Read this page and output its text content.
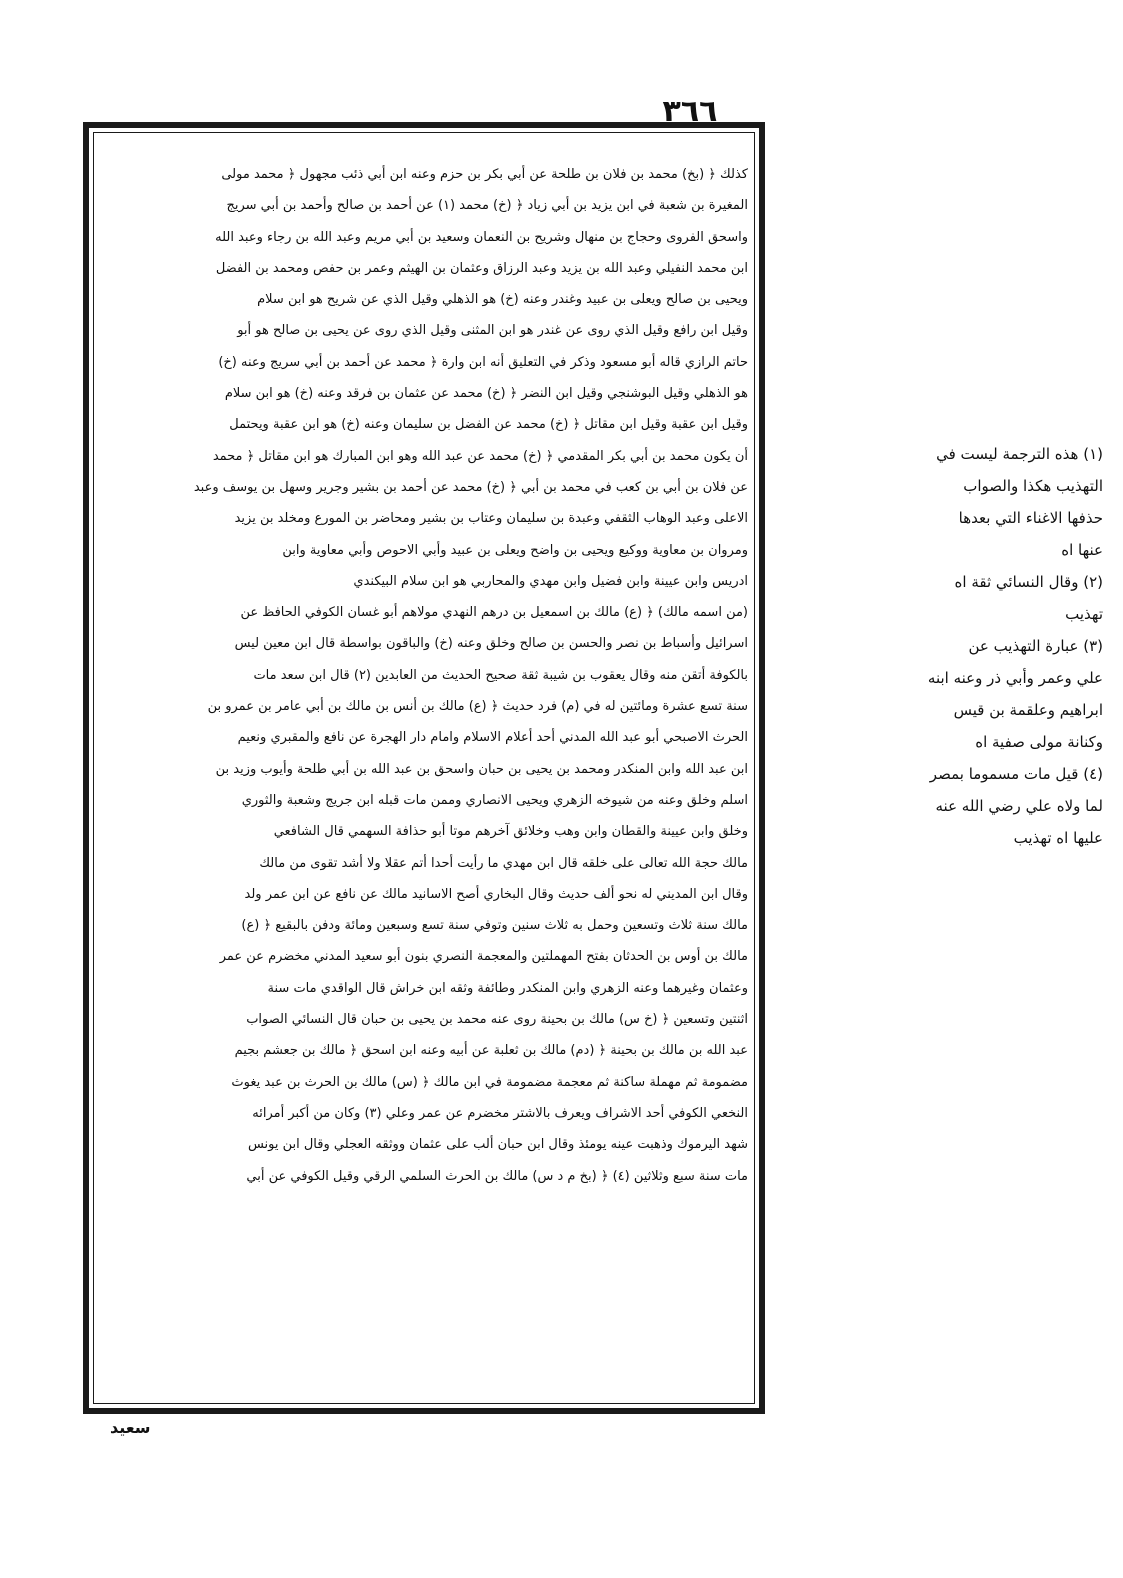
٣٦٦
كذلك ﴿ (بخ) محمد بن فلان بن طلحة عن أبي بكر بن حزم وعنه ابن أبي ذئب مجهول ﴿ محمد مولى
المغيرة بن شعبة في ابن يزيد بن أبي زياد ﴿ (خ) محمد (١) عن أحمد بن صالح وأحمد بن أبي سريج
واسحق الفروى وحجاج بن منهال وشريح بن النعمان وسعيد بن أبي مريم وعبد الله بن رجاء وعبد الله
ابن محمد النفيلي وعبد الله بن يزيد وعبد الرزاق وعثمان بن الهيثم وعمر بن حفص ومحمد بن الفضل
ويحيى بن صالح ويعلى بن عبيد وغندر وعنه (خ) هو الذهلي وقيل الذي عن شريح هو ابن سلام
وقيل ابن رافع وقيل الذي روى عن غندر هو ابن المثنى وقيل الذي روى عن يحيى بن صالح هو أبو
حاتم الرازي قاله أبو مسعود وذكر في التعليق أنه ابن وارة ﴿ محمد عن أحمد بن أبي سريج وعنه (خ)
هو الذهلي وقيل البوشنجي وقيل ابن النضر ﴿ (خ) محمد عن عثمان بن فرقد وعنه (خ) هو ابن سلام
وقيل ابن عقبة وقيل ابن مقاتل ﴿ (خ) محمد عن الفضل بن سليمان وعنه (خ) هو ابن عقبة ويحتمل
أن يكون محمد بن أبي بكر المقدمي ﴿ (خ) محمد عن عبد الله وهو ابن المبارك هو ابن مقاتل ﴿ محمد
عن فلان بن أبي بن كعب في محمد بن أبي ﴿ (خ) محمد عن أحمد بن بشير وجرير وسهل بن يوسف وعبد
الاعلى وعبد الوهاب الثقفي وعبدة بن سليمان وعتاب بن بشير ومحاضر بن المورع ومخلد بن يزيد
ومروان بن معاوية ووكيع ويحيى بن واضح ويعلى بن عبيد وأبي الاحوص وأبي معاوية وابن
ادريس وابن عيينة وابن فضيل وابن مهدي والمحاربي هو ابن سلام البيكندي
(من اسمه مالك) ﴿ (ع) مالك بن اسمعيل بن درهم النهدي مولاهم أبو غسان الكوفي الحافظ عن
اسرائيل وأسباط بن نصر والحسن بن صالح وخلق وعنه (خ) والباقون بواسطة قال ابن معين ليس
بالكوفة أتقن منه وقال يعقوب بن شيبة ثقة صحيح الحديث من العابدين (٢) قال ابن سعد مات
سنة تسع عشرة ومائتين له في (م) فرد حديث ﴿ (ع) مالك بن أنس بن مالك بن أبي عامر بن عمرو بن
الحرث الاصبحي أبو عبد الله المدني أحد أعلام الاسلام وامام دار الهجرة عن نافع والمقبري ونعيم
ابن عبد الله وابن المنكدر ومحمد بن يحيى بن حبان واسحق بن عبد الله بن أبي طلحة وأيوب وزيد بن
اسلم وخلق وعنه من شيوخه الزهري ويحيى الانصاري وممن مات قبله ابن جريج وشعبة والثوري
وخلق وابن عيينة والقطان وابن وهب وخلائق آخرهم موتا أبو حذافة السهمي قال الشافعي
مالك حجة الله تعالى على خلقه قال ابن مهدي ما رأيت أحدا أتم عقلا ولا أشد تقوى من مالك
وقال ابن المديني له نحو ألف حديث وقال البخاري أصح الاسانيد مالك عن نافع عن ابن عمر ولد
مالك سنة ثلاث وتسعين وحمل به ثلاث سنين وتوفي سنة تسع وسبعين ومائة ودفن بالبقيع ﴿ (ع)
مالك بن أوس بن الحدثان بفتح المهملتين والمعجمة النصري بنون أبو سعيد المدني مخضرم عن عمر
وعثمان وغيرهما وعنه الزهري وابن المنكدر وطائفة وثقه ابن خراش قال الواقدي مات سنة
اثنتين وتسعين ﴿ (خ س) مالك بن بحينة روى عنه محمد بن يحيى بن حبان قال النسائي الصواب
عبد الله بن مالك بن بحينة ﴿ (دم) مالك بن ثعلبة عن أبيه وعنه ابن اسحق ﴿ مالك بن جعشم بجيم
مضمومة ثم مهملة ساكنة ثم معجمة مضمومة في ابن مالك ﴿ (س) مالك بن الحرث بن عبد يغوث
النخعي الكوفي أحد الاشراف ويعرف بالاشتر مخضرم عن عمر وعلي (٣) وكان من أكبر أمرائه
شهد اليرموك وذهبت عينه يومئذ وقال ابن حبان ألب على عثمان ووثقه العجلي وقال ابن يونس
مات سنة سبع وثلاثين (٤) ﴿ (بخ م د س) مالك بن الحرث السلمي الرقي وقيل الكوفي عن أبي
(١) هذه الترجمة ليست في
التهذيب هكذا والصواب
حذفها الاغناء التي بعدها
عنها اه
(٢) وقال النسائي ثقة اه
تهذيب
(٣) عبارة التهذيب عن
علي وعمر وأبي ذر وعنه ابنه
ابراهيم وعلقمة بن قيس
وكنانة مولى صفية اه
(٤) قيل مات مسموما بمصر
لما ولاه علي رضي الله عنه
عليها اه تهذيب
سعيد
